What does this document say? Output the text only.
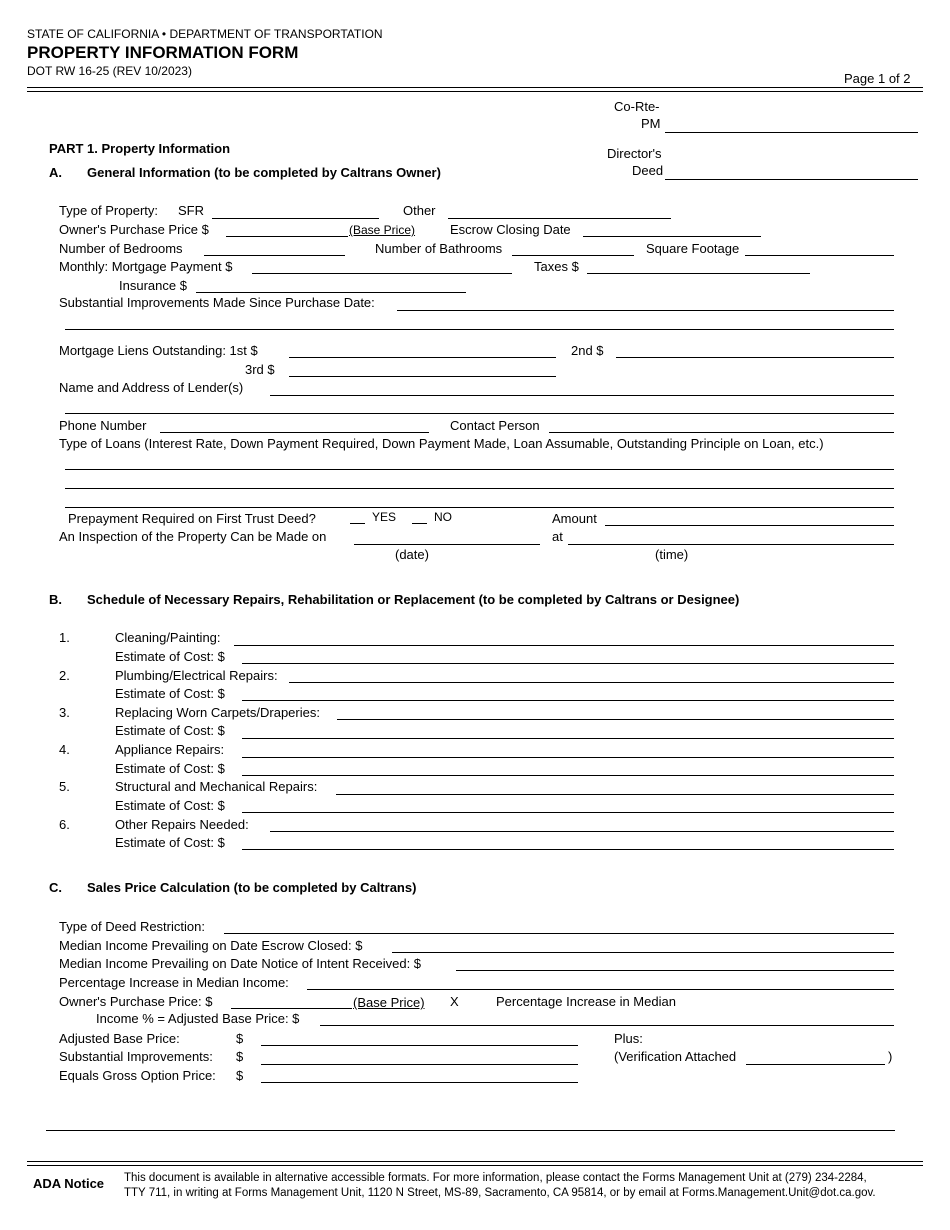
STATE OF CALIFORNIA • DEPARTMENT OF TRANSPORTATION
PROPERTY INFORMATION FORM
DOT RW 16-25 (REV 10/2023)	Page 1 of 2
Co-Rte-
PM
Director's
Deed
PART 1. Property Information
A. General Information (to be completed by Caltrans Owner)
Type of Property: SFR	Other
Owner's Purchase Price $	(Base Price)	Escrow Closing Date
Number of Bedrooms	Number of Bathrooms	Square Footage
Monthly: Mortgage Payment $	Taxes $
Insurance $
Substantial Improvements Made Since Purchase Date:
Mortgage Liens Outstanding: 1st $	2nd $
3rd $
Name and Address of Lender(s)
Phone Number	Contact Person
Type of Loans (Interest Rate, Down Payment Required, Down Payment Made, Loan Assumable, Outstanding Principle on Loan, etc.)
Prepayment Required on First Trust Deed?	YES	NO	Amount
An Inspection of the Property Can be Made on	at
(date)	(time)
B. Schedule of Necessary Repairs, Rehabilitation or Replacement (to be completed by Caltrans or Designee)
1.	Cleaning/Painting:
Estimate of Cost: $
2.	Plumbing/Electrical Repairs:
Estimate of Cost: $
3.	Replacing Worn Carpets/Draperies:
Estimate of Cost: $
4.	Appliance Repairs:
Estimate of Cost: $
5.	Structural and Mechanical Repairs:
Estimate of Cost: $
6.	Other Repairs Needed:
Estimate of Cost: $
C. Sales Price Calculation (to be completed by Caltrans)
Type of Deed Restriction:
Median Income Prevailing on Date Escrow Closed: $
Median Income Prevailing on Date Notice of Intent Received: $
Percentage Increase in Median Income:
Owner's Purchase Price: $	(Base Price) X	Percentage Increase in Median
Income % = Adjusted Base Price: $
Adjusted Base Price:	$	Plus:
Substantial Improvements: $	(Verification Attached	)
Equals Gross Option Price: $
ADA Notice This document is available in alternative accessible formats. For more information, please contact the Forms Management Unit at (279) 234-2284,
TTY 711, in writing at Forms Management Unit, 1120 N Street, MS-89, Sacramento, CA 95814, or by email at Forms.Management.Unit@dot.ca.gov.
